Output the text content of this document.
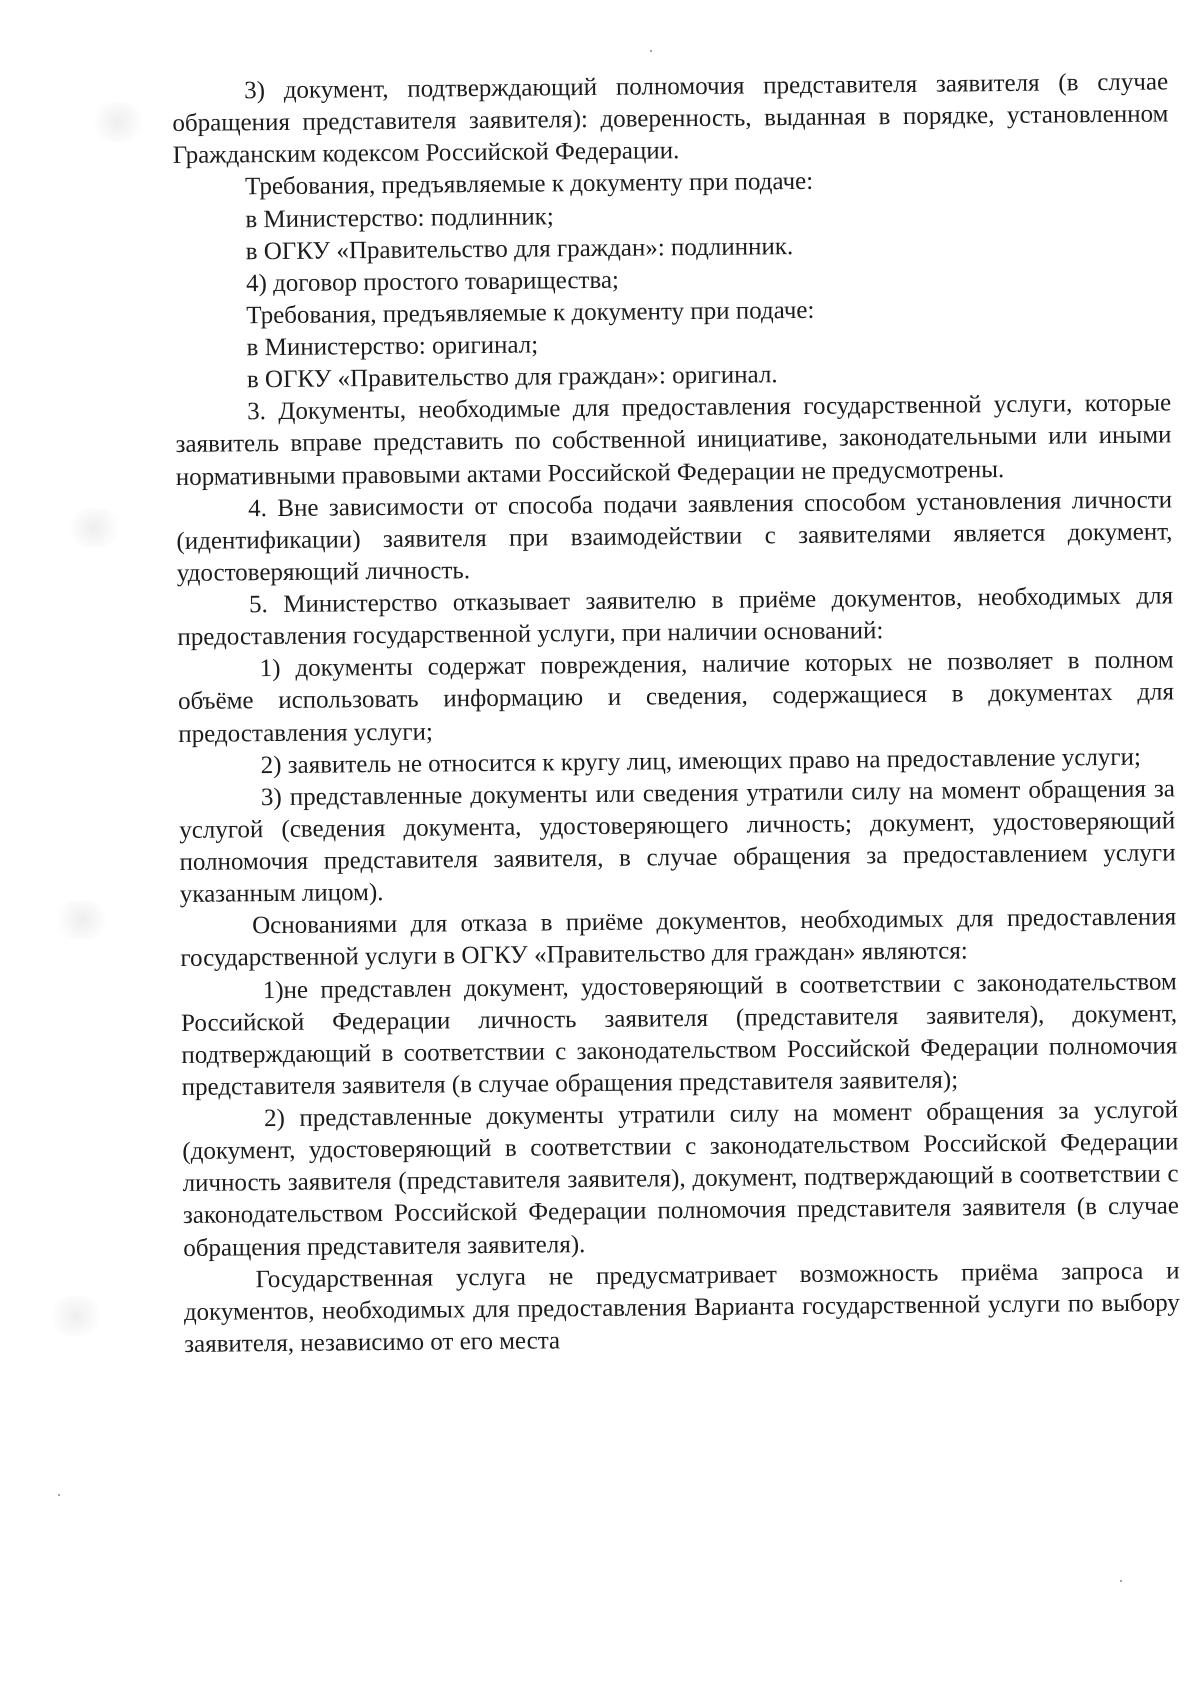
3) документ, подтверждающий полномочия представителя заявителя (в случае обращения представителя заявителя): доверенность, выданная в порядке, установленном Гражданским кодексом Российской Федерации.

Требования, предъявляемые к документу при подаче:

в Министерство: подлинник;

в ОГКУ «Правительство для граждан»: подлинник.

4) договор простого товарищества;

Требования, предъявляемые к документу при подаче:

в Министерство: оригинал;

в ОГКУ «Правительство для граждан»: оригинал.

3. Документы, необходимые для предоставления государственной услуги, которые заявитель вправе представить по собственной инициативе, законодательными или иными нормативными правовыми актами Российской Федерации не предусмотрены.

4. Вне зависимости от способа подачи заявления способом установления личности (идентификации) заявителя при взаимодействии с заявителями является документ, удостоверяющий личность.

5. Министерство отказывает заявителю в приёме документов, необходимых для предоставления государственной услуги, при наличии оснований:

1) документы содержат повреждения, наличие которых не позволяет в полном объёме использовать информацию и сведения, содержащиеся в документах для предоставления услуги;

2) заявитель не относится к кругу лиц, имеющих право на предоставление услуги;

3) представленные документы или сведения утратили силу на момент обращения за услугой (сведения документа, удостоверяющего личность; документ, удостоверяющий полномочия представителя заявителя, в случае обращения за предоставлением услуги указанным лицом).

Основаниями для отказа в приёме документов, необходимых для предоставления государственной услуги в ОГКУ «Правительство для граждан» являются:

1)не представлен документ, удостоверяющий в соответствии с законодательством Российской Федерации личность заявителя (представителя заявителя), документ, подтверждающий в соответствии с законодательством Российской Федерации полномочия представителя заявителя (в случае обращения представителя заявителя);

2) представленные документы утратили силу на момент обращения за услугой (документ, удостоверяющий в соответствии с законодательством Российской Федерации личность заявителя (представителя заявителя), документ, подтверждающий в соответствии с законодательством Российской Федерации полномочия представителя заявителя (в случае обращения представителя заявителя).

Государственная услуга не предусматривает возможность приёма запроса и документов, необходимых для предоставления Варианта государственной услуги по выбору заявителя, независимо от его места
